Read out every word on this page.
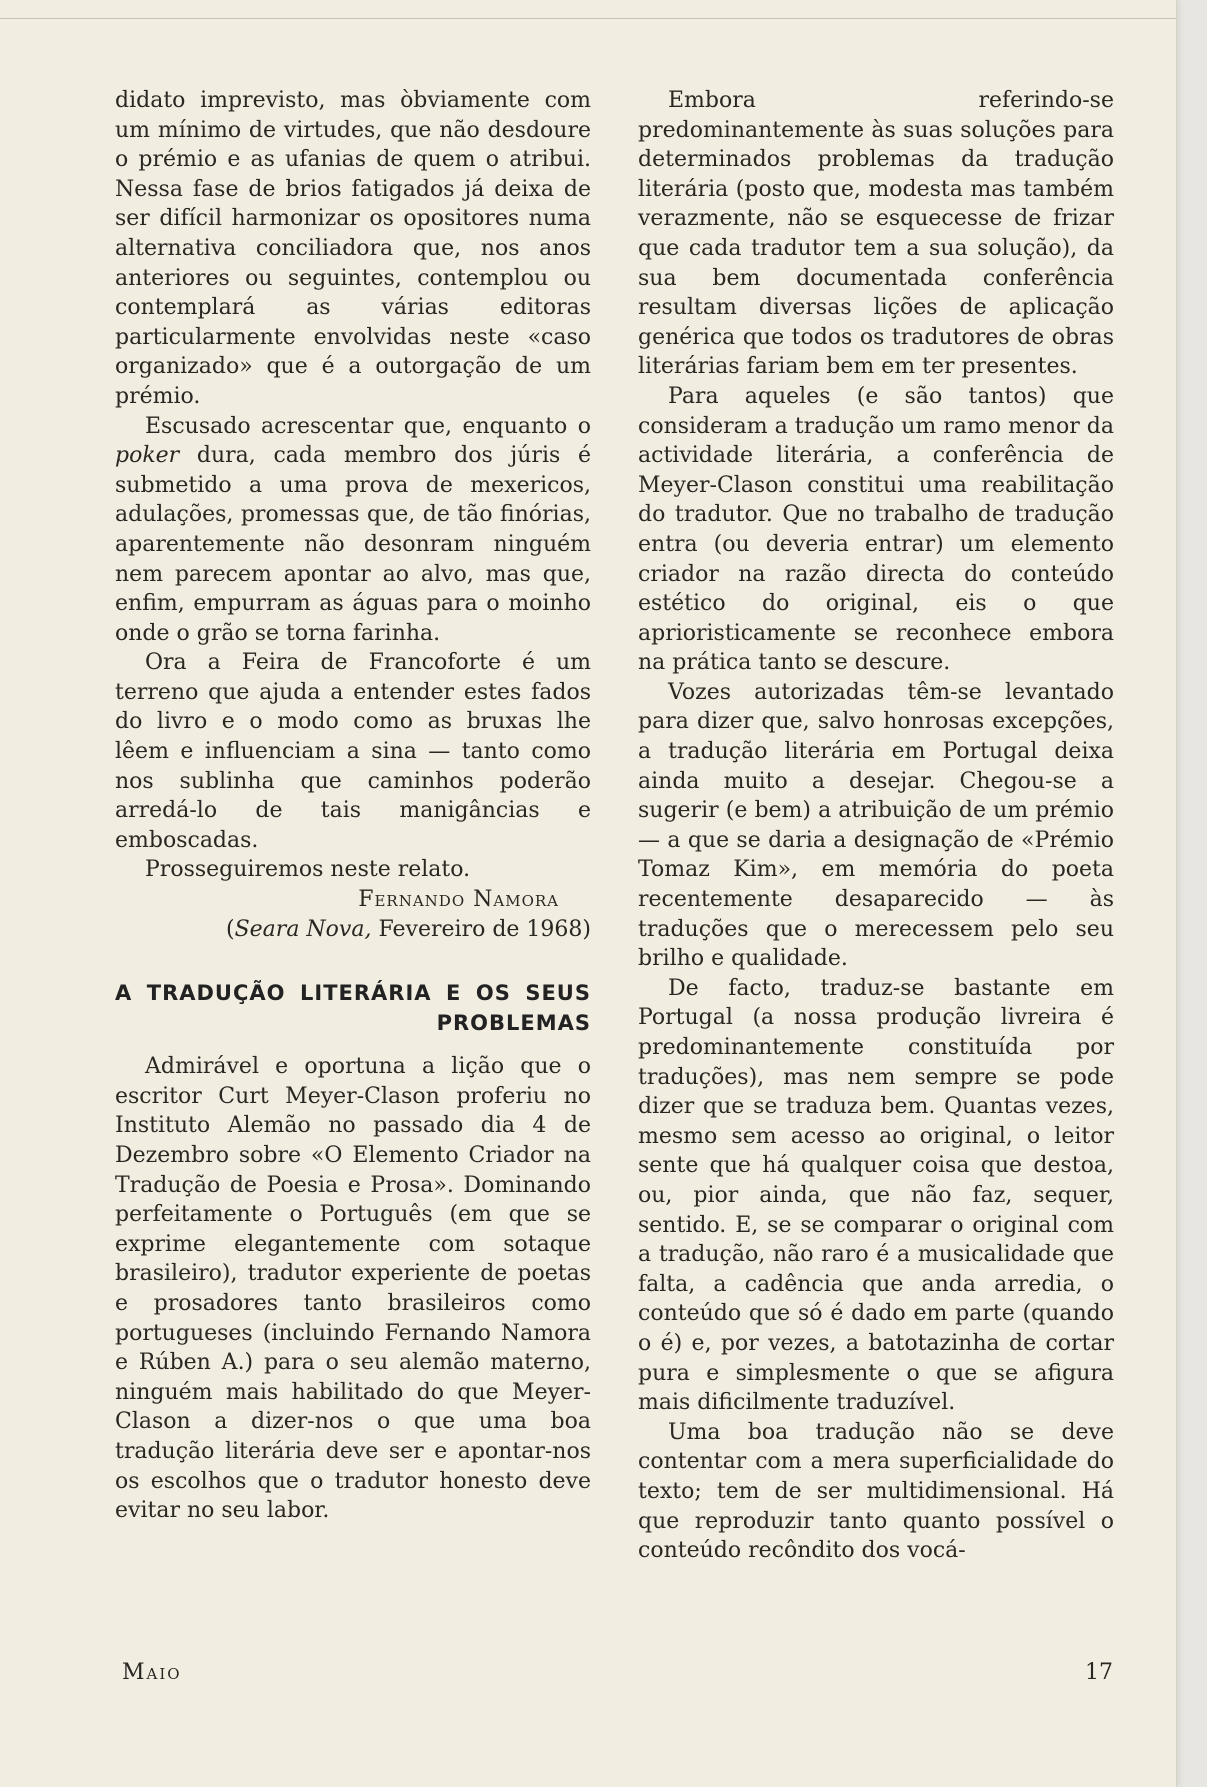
didato imprevisto, mas òbviamente com um mínimo de virtudes, que não desdoure o prémio e as ufanias de quem o atribui. Nessa fase de brios fatigados já deixa de ser difícil harmonizar os opositores numa alternativa conciliadora que, nos anos anteriores ou seguintes, contemplou ou contemplará as várias editoras particularmente envolvidas neste «caso organizado» que é a outorgação de um prémio.

Escusado acrescentar que, enquanto o poker dura, cada membro dos júris é submetido a uma prova de mexericos, adulações, promessas que, de tão finórias, aparentemente não desonram ninguém nem parecem apontar ao alvo, mas que, enfim, empurram as águas para o moinho onde o grão se torna farinha.

Ora a Feira de Francoforte é um terreno que ajuda a entender estes fados do livro e o modo como as bruxas lhe lêem e influenciam a sina — tanto como nos sublinha que caminhos poderão arredá-lo de tais manigâncias e emboscadas.

Prosseguiremos neste relato.

Fernando Namora

(Seara Nova, Fevereiro de 1968)

A TRADUÇÃO LITERÁRIA E OS SEUS PROBLEMAS

Admirável e oportuna a lição que o escritor Curt Meyer-Clason proferiu no Instituto Alemão no passado dia 4 de Dezembro sobre «O Elemento Criador na Tradução de Poesia e Prosa». Dominando perfeitamente o Português (em que se exprime elegantemente com sotaque brasileiro), tradutor experiente de poetas e prosadores tanto brasileiros como portugueses (incluindo Fernando Namora e Rúben A.) para o seu alemão materno, ninguém mais habilitado do que Meyer-Clason a dizer-nos o que uma boa tradução literária deve ser e apontar-nos os escolhos que o tradutor honesto deve evitar no seu labor.

Embora referindo-se predominantemente às suas soluções para determinados problemas da tradução literária (posto que, modesta mas também verazmente, não se esquecesse de frizar que cada tradutor tem a sua solução), da sua bem documentada conferência resultam diversas lições de aplicação genérica que todos os tradutores de obras literárias fariam bem em ter presentes.

Para aqueles (e são tantos) que consideram a tradução um ramo menor da actividade literária, a conferência de Meyer-Clason constitui uma reabilitação do tradutor. Que no trabalho de tradução entra (ou deveria entrar) um elemento criador na razão directa do conteúdo estético do original, eis o que aprioristicamente se reconhece embora na prática tanto se descure.

Vozes autorizadas têm-se levantado para dizer que, salvo honrosas excepções, a tradução literária em Portugal deixa ainda muito a desejar. Chegou-se a sugerir (e bem) a atribuição de um prémio — a que se daria a designação de «Prémio Tomaz Kim», em memória do poeta recentemente desaparecido — às traduções que o merecessem pelo seu brilho e qualidade.

De facto, traduz-se bastante em Portugal (a nossa produção livreira é predominantemente constituída por traduções), mas nem sempre se pode dizer que se traduza bem. Quantas vezes, mesmo sem acesso ao original, o leitor sente que há qualquer coisa que destoa, ou, pior ainda, que não faz, sequer, sentido. E, se se comparar o original com a tradução, não raro é a musicalidade que falta, a cadência que anda arredia, o conteúdo que só é dado em parte (quando o é) e, por vezes, a batotazinha de cortar pura e simplesmente o que se afigura mais dificilmente traduzível.

Uma boa tradução não se deve contentar com a mera superficialidade do texto; tem de ser multidimensional. Há que reproduzir tanto quanto possível o conteúdo recôndito dos vocá-

Maio	17
